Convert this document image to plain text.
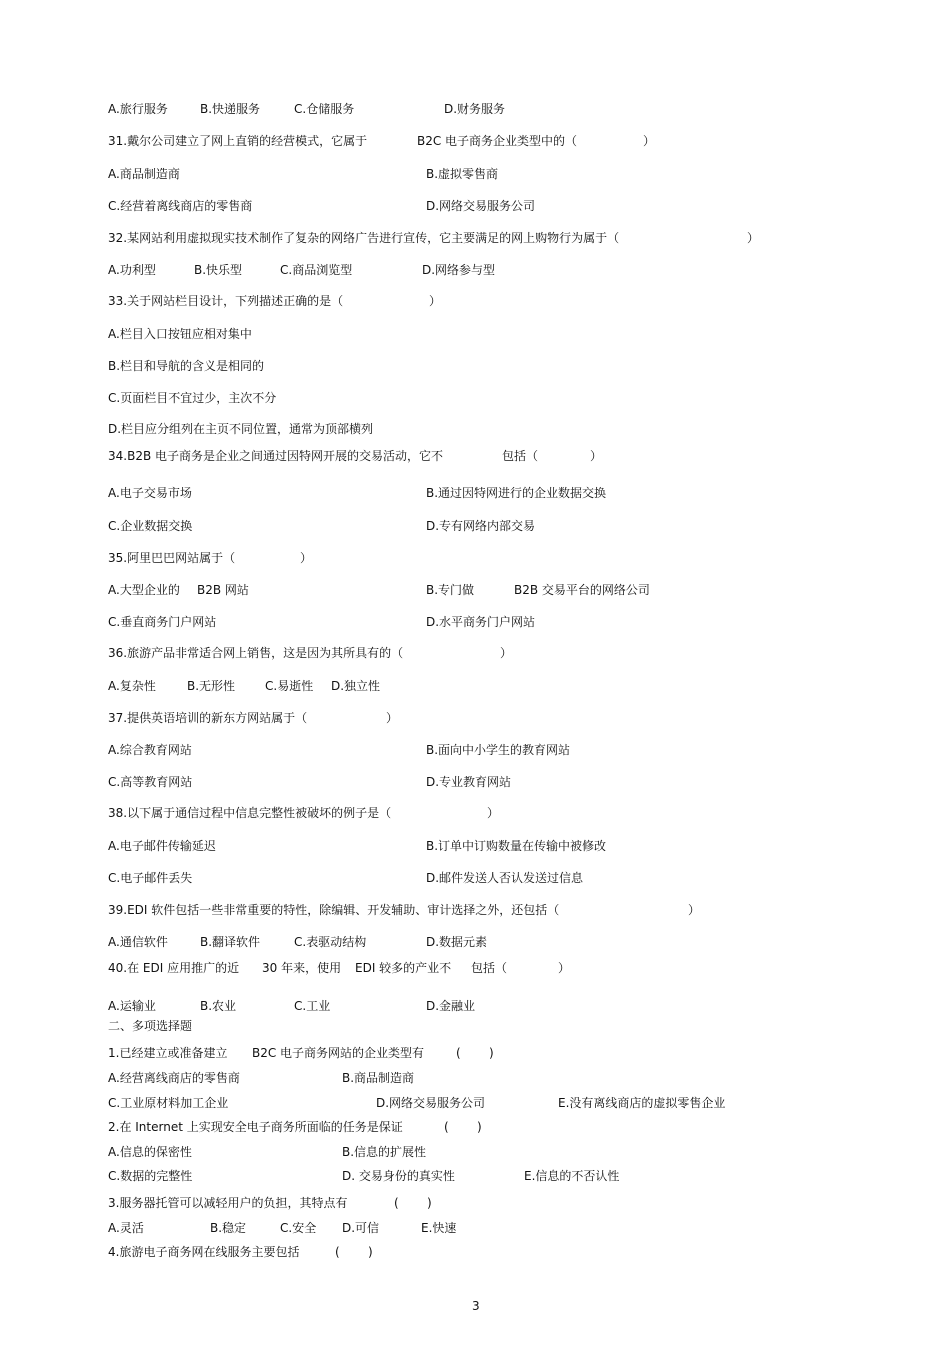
A.旅行服务	B.快递服务	C.仓储服务	D.财务服务
31.戴尔公司建立了网上直销的经营模式，它属于	B2C 电子商务企业类型中的（	）
A.商品制造商	B.虚拟零售商
C.经营着离线商店的零售商	D.网络交易服务公司
32.某网站利用虚拟现实技术制作了复杂的网络广告进行宣传，它主要满足的网上购物行为属于（	）
A.功利型	B.快乐型	C.商品浏览型	D.网络参与型
33.关于网站栏目设计，下列描述正确的是（	）
A.栏目入口按钮应相对集中
B.栏目和导航的含义是相同的
C.页面栏目不宜过少，主次不分
D.栏目应分组列在主页不同位置，通常为顶部横列
34.B2B 电子商务是企业之间通过因特网开展的交易活动，它不	包括（	）
A.电子交易市场	B.通过因特网进行的企业数据交换
C.企业数据交换	D.专有网络内部交易
35.阿里巴巴网站属于（	）
A.大型企业的 B2B 网站	B.专门做	B2B 交易平台的网络公司
C.垂直商务门户网站	D.水平商务门户网站
36.旅游产品非常适合网上销售，这是因为其所具有的（	）
A.复杂性	B.无形性 C.易逝性 D.独立性
37.提供英语培训的新东方网站属于（	）
A.综合教育网站	B.面向中小学生的教育网站
C.高等教育网站	D.专业教育网站
38.以下属于通信过程中信息完整性被破坏的例子是（	）
A.电子邮件传输延迟	B.订单中订购数量在传输中被修改
C.电子邮件丢失	D.邮件发送人否认发送过信息
39.EDI 软件包括一些非常重要的特性，除编辑、开发辅助、审计选择之外，还包括（	）
A.通信软件	B.翻译软件	C.表驱动结构	D.数据元素
40.在 EDI 应用推广的近 30 年来，使用 EDI 较多的产业不 包括（	）
A.运输业	B.农业	C.工业	D.金融业
二、多项选择题
1.已经建立或准备建立 B2C 电子商务网站的企业类型有	( )
A.经营离线商店的零售商	B.商品制造商
C.工业原材料加工企业	D.网络交易服务公司	E.没有离线商店的虚拟零售企业
2.在 Internet 上实现安全电子商务所面临的任务是保证	( )
A.信息的保密性	B.信息的扩展性
C.数据的完整性	D. 交易身份的真实性	E.信息的不否认性
3.服务器托管可以减轻用户的负担，其特点有	( )
A.灵活	B.稳定	C.安全 D.可信	E.快速
4.旅游电子商务网在线服务主要包括	( )
3
